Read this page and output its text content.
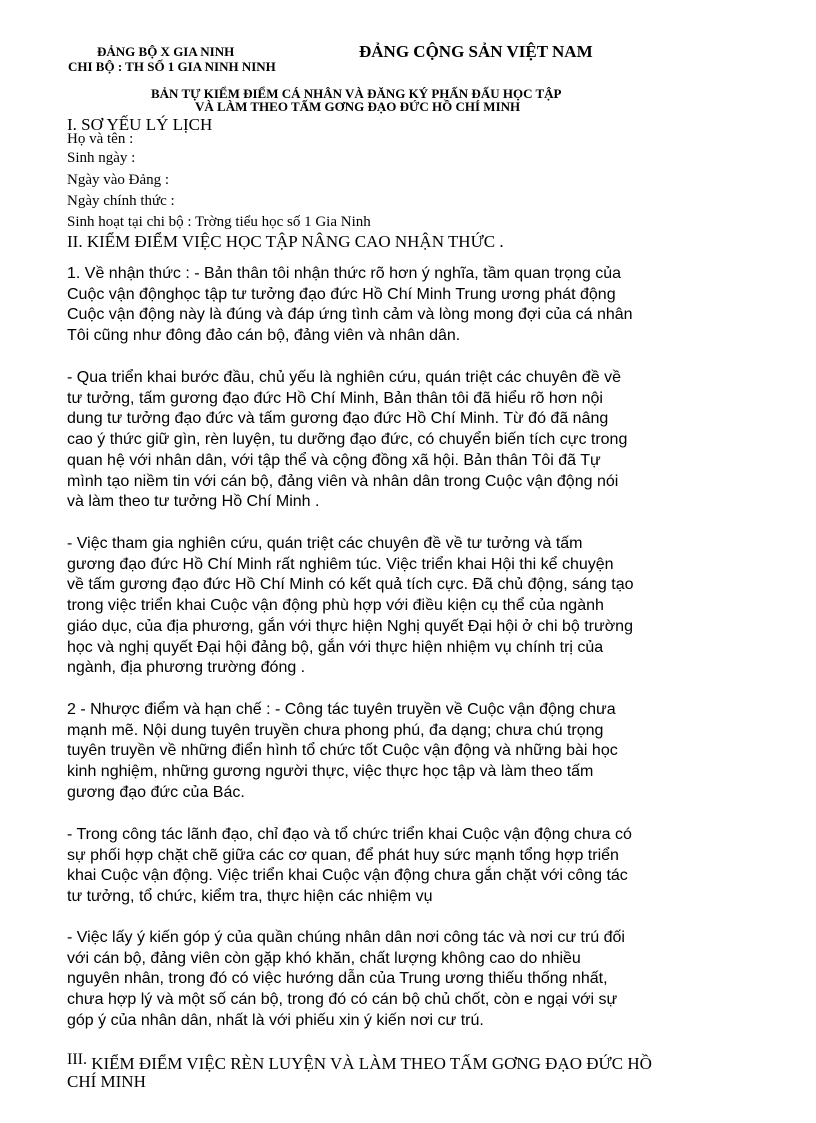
ĐẢNG BỘ X GIA NINH
CHI BỘ : TH SỐ 1 GIA NINH NINH
ĐẢNG CỘNG SẢN VIỆT NAM
BẢN TỰ KIỂM ĐIỂM CÁ NHÂN VÀ ĐĂNG KÝ PHẤN ĐẤU HỌC TẬP
VÀ LÀM THEO TẤM GƠNG ĐẠO ĐỨC HỒ CHÍ MINH
I. SƠ YẾU LÝ LỊCH
Họ và tên :
Sinh ngày :
Ngày vào Đảng :
Ngày chính thức :
Sinh hoạt tại chi bộ : Trờng tiểu học số 1 Gia Ninh
II. KIỂM ĐIỂM VIỆC HỌC TẬP NÂNG CAO NHẬN THỨC .
1. Về nhận thức : - Bản thân tôi nhận thức rõ hơn ý nghĩa, tầm quan trọng của
Cuộc vận độnghọc tập tư tưởng đạo đức Hồ Chí Minh Trung ương phát động
Cuộc vận động này là đúng và đáp ứng tình cảm và lòng mong đợi của cá nhân
Tôi cũng như đông đảo cán bộ, đảng viên và nhân dân.
- Qua triển khai bước đầu, chủ yếu là nghiên cứu, quán triệt các chuyên đề về
tư tưởng, tấm gương đạo đức Hồ Chí Minh, Bản thân tôi đã hiểu rõ hơn nội
dung tư tưởng đạo đức và tấm gương đạo đức Hồ Chí Minh. Từ đó đã nâng
cao ý thức giữ gìn, rèn luyện, tu dưỡng đạo đức, có chuyển biến tích cực trong
quan hệ với nhân dân, với tập thể và cộng đồng xã hội. Bản thân Tôi đã Tự
mình tạo niềm tin với cán bộ, đảng viên và nhân dân trong Cuộc vận động nói
và làm theo tư tưởng Hồ Chí Minh .
- Việc tham gia nghiên cứu, quán triệt các chuyên đề về tư tưởng và tấm
gương đạo đức Hồ Chí Minh rất nghiêm túc. Việc triển khai Hội thi kể chuyện
về tấm gương đạo đức Hồ Chí Minh có kết quả tích cực. Đã chủ động, sáng tạo
trong việc triển khai Cuộc vận động phù hợp với điều kiện cụ thể của ngành
giáo dục, của địa phương, gắn với thực hiện Nghị quyết Đại hội ở chi bộ trường
học và nghị quyết Đại hội đảng bộ, gắn với thực hiện nhiệm vụ chính trị của
ngành, địa phương trường đóng .
2 - Nhược điểm và hạn chế : - Công tác tuyên truyền về Cuộc vận động chưa
mạnh mẽ. Nội dung tuyên truyền chưa phong phú, đa dạng; chưa chú trọng
tuyên truyền về những điển hình tổ chức tốt Cuộc vận động và những bài học
kinh nghiệm, những gương người thực, việc thực học tập và làm theo tấm
gương đạo đức của Bác.
- Trong công tác lãnh đạo, chỉ đạo và tổ chức triển khai Cuộc vận động chưa có
sự phối hợp chặt chẽ giữa các cơ quan, để phát huy sức mạnh tổng hợp triển
khai Cuộc vận động. Việc triển khai Cuộc vận động chưa gắn chặt với công tác
tư tưởng, tổ chức, kiểm tra, thực hiện các nhiệm vụ
- Việc lấy ý kiến góp ý của quần chúng nhân dân nơi công tác và nơi cư trú đối
với cán bộ, đảng viên còn gặp khó khăn, chất lượng không cao do nhiều
nguyên nhân, trong đó có việc hướng dẫn của Trung ương thiếu thống nhất,
chưa hợp lý và một số cán bộ, trong đó có cán bộ chủ chốt, còn e ngại với sự
góp ý của nhân dân, nhất là với phiếu xin ý kiến nơi cư trú.
III. KIỂM ĐIỂM VIỆC RÈN LUYỆN VÀ LÀM THEO TẤM GƠNG ĐẠO ĐỨC HỒ
CHÍ MINH
